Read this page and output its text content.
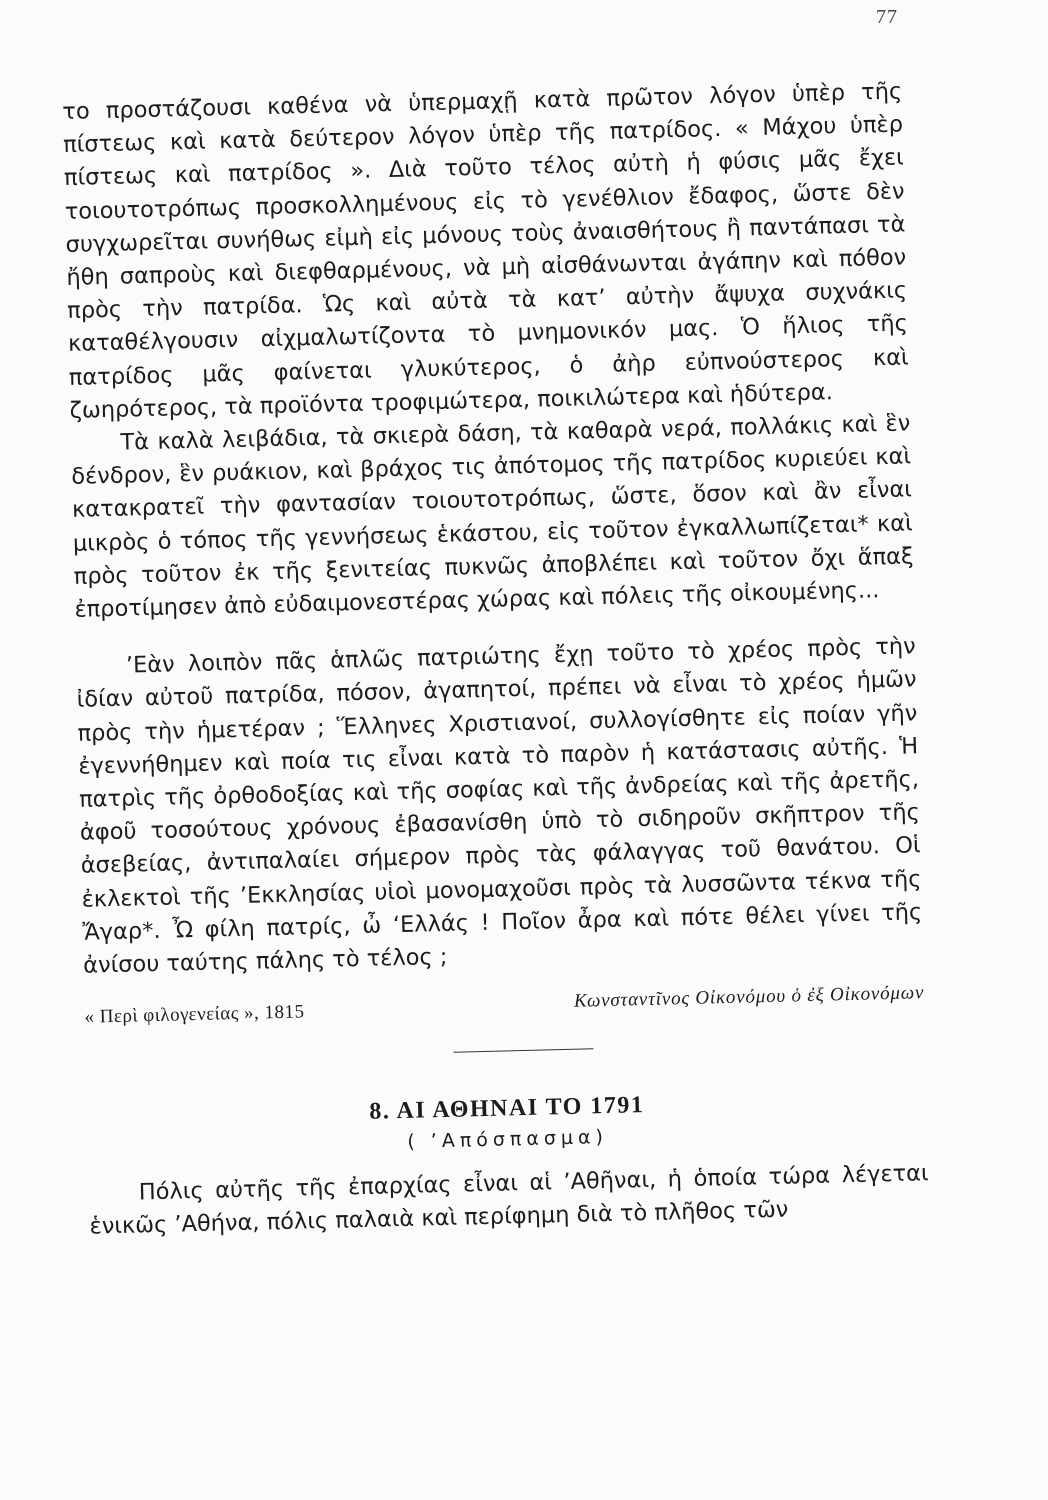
77

το προστάζουσι καθένα νὰ ὑπερμαχῇ κατὰ πρῶτον λόγον ὑπὲρ τῆς πίστεως καὶ κατὰ δεύτερον λόγον ὑπὲρ τῆς πατρίδος. « Μάχου ὑπὲρ πίστεως καὶ πατρίδος ». Διὰ τοῦτο τέλος αὐτὴ ἡ φύσις μᾶς ἔχει τοιουτοτρόπως προσκολλημένους εἰς τὸ γενέθλιον ἔδαφος, ὥστε δὲν συγχωρεῖται συνήθως εἰμὴ εἰς μόνους τοὺς ἀναισθήτους ἢ παντάπασι τὰ ἤθη σαπροὺς καὶ διεφθαρμένους, νὰ μὴ αἰσθάνωνται ἀγάπην καὶ πόθον πρὸς τὴν πατρίδα. Ὡς καὶ αὐτὰ τὰ κατ’ αὐτὴν ἄψυχα συχνάκις καταθέλγουσιν αἰχμαλωτίζοντα τὸ μνημονικόν μας. Ὁ ἥλιος τῆς πατρίδος μᾶς φαίνεται γλυκύτερος, ὁ ἀὴρ εὐπνούστερος καὶ ζωηρότερος, τὰ προϊόντα τροφιμώτερα, ποικιλώτερα καὶ ἡδύτερα.

Τὰ καλὰ λειβάδια, τὰ σκιερὰ δάση, τὰ καθαρὰ νερά, πολλάκις καὶ ἓν δένδρον, ἓν ρυάκιον, καὶ βράχος τις ἀπότομος τῆς πατρίδος κυριεύει καὶ κατακρατεῖ τὴν φαντασίαν τοιουτοτρόπως, ὥστε, ὅσον καὶ ἂν εἶναι μικρὸς ὁ τόπος τῆς γεννήσεως ἑκάστου, εἰς τοῦτον ἐγκαλλωπίζεται* καὶ πρὸς τοῦτον ἐκ τῆς ξενιτείας πυκνῶς ἀποβλέπει καὶ τοῦτον ὄχι ἅπαξ ἐπροτίμησεν ἀπὸ εὐδαιμονεστέρας χώρας καὶ πόλεις τῆς οἰκουμένης...

’Εὰν λοιπὸν πᾶς ἁπλῶς πατριώτης ἔχῃ τοῦτο τὸ χρέος πρὸς τὴν ἰδίαν αὐτοῦ πατρίδα, πόσον, ἀγαπητοί, πρέπει νὰ εἶναι τὸ χρέος ἡμῶν πρὸς τὴν ἡμετέραν ; Ἕλληνες Χριστιανοί, συλλογίσθητε εἰς ποίαν γῆν ἐγεννήθημεν καὶ ποία τις εἶναι κατὰ τὸ παρὸν ἡ κατάστασις αὐτῆς. Ἡ πατρὶς τῆς ὀρθοδοξίας καὶ τῆς σοφίας καὶ τῆς ἀνδρείας καὶ τῆς ἀρετῆς, ἀφοῦ τοσούτους χρόνους ἐβασανίσθη ὑπὸ τὸ σιδηροῦν σκῆπτρον τῆς ἀσεβείας, ἀντιπαλαίει σήμερον πρὸς τὰς φάλαγγας τοῦ θανάτου. Οἱ ἐκλεκτοὶ τῆς ’Εκκλησίας υἱοὶ μονομαχοῦσι πρὸς τὰ λυσσῶντα τέκνα τῆς Ἄγαρ*. Ὦ φίλη πατρίς, ὦ ‘Ελλάς ! Ποῖον ἆρα καὶ πότε θέλει γίνει τῆς ἀνίσου ταύτης πάλης τὸ τέλος ;

« Περὶ φιλογενείας », 1815
Κωνσταντῖνος Οἰκονόμου ὁ ἐξ Οἰκονόμων
8. ΑΙ ΑΘΗΝΑΙ ΤΟ 1791
( ’Απόσπασμα)

Πόλις αὐτῆς τῆς ἐπαρχίας εἶναι αἱ ’Αθῆναι, ἡ ὁποία τώρα λέγεται ἑνικῶς ’Αθήνα, πόλις παλαιὰ καὶ περίφημη διὰ τὸ πλῆθος τῶν
